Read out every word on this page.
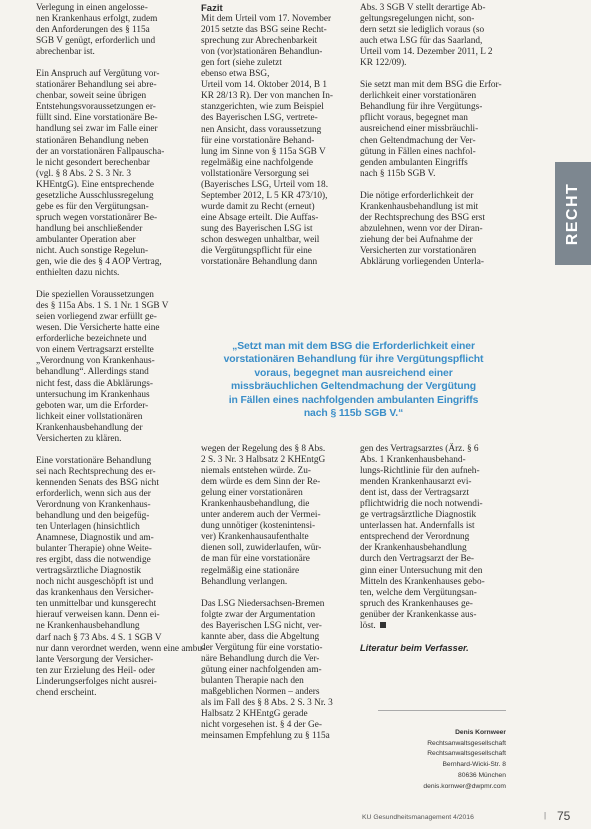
RECHT

Verlegung in einen angelosse-
nen Krankenhaus erfolgt, zudem
den Anforderungen des § 115a
SGB V genügt, erforderlich und
abrechenbar ist.

Ein Anspruch auf Vergütung vor-
stationärer Behandlung sei abre-
chenbar, soweit seine übrigen
Entstehungsvoraussetzungen er-
füllt sind. Eine vorstationäre Be-
handlung sei zwar im Falle einer
stationären Behandlung neben
der an vorstationären Fallpauscha-
le nicht gesondert berechenbar
(vgl. § 8 Abs. 2 S. 3 Nr. 3
KHEntgG). Eine entsprechende
gesetzliche Ausschlussregelung
gebe es für den Vergütungsan-
spruch wegen vorstationärer Be-
handlung bei anschließender
ambulanter Operation aber
nicht. Auch sonstige Regelun-
gen, wie die des § 4 AOP Vertrag,
enthielten dazu nichts.

Die speziellen Voraussetzungen
des § 115a Abs. 1 S. 1 Nr. 1 SGB V
seien vorliegend zwar erfüllt ge-
wesen. Die Versicherte hatte eine
erforderliche bezeichnete und
von einem Vertragsarzt erstellte
„Verordnung von Krankenhaus-
behandlung“. Allerdings stand
nicht fest, dass die Abklärungs-
untersuchung im Krankenhaus
geboten war, um die Erforder-
lichkeit einer vollstationären
Krankenhausbehandlung der
Versicherten zu klären.

Eine vorstationäre Behandlung
sei nach Rechtsprechung des er-
kennenden Senats des BSG nicht
erforderlich, wenn sich aus der
Verordnung von Krankenhaus-
behandlung und den beigefüg-
ten Unterlagen (hinsichtlich
Anamnese, Diagnostik und am-
bulanter Therapie) ohne Weite-
res ergibt, dass die notwendige
vertragsärztliche Diagnostik
noch nicht ausgeschöpft ist und
das krankenhaus den Versicher-
ten unmittelbar und kunsgerecht
hierauf verweisen kann. Denn ei-
ne Krankenhausbehandlung
darf nach § 73 Abs. 4 S. 1 SGB V
nur dann verordnet werden, wenn eine ambu-
lante Versorgung der Versicher-
ten zur Erzielung des Heil- oder
Linderungserfolges nicht ausrei-
chend erscheint.

Fazit

Mit dem Urteil vom 17. November
2015 setzte das BSG seine Recht-
sprechung zur Abrechenbarkeit
von (vor)stationären Behandlun-
gen fort (siehe zuletzt
ebenso etwa BSG,
Urteil vom 14. Oktober 2014, B 1
KR 28/13 R). Der von manchen In-
stanzgerichten, wie zum Beispiel
des Bayerischen LSG, vertrete-
nen Ansicht, dass voraussetzung
für eine vorstationäre Behand-
lung im Sinne von § 115a SGB V
regelmäßig eine nachfolgende
vollstationäre Versorgung sei
(Bayerisches LSG, Urteil vom 18.
September 2012, L 5 KR 473/10),
wurde damit zu Recht (erneut)
eine Absage erteilt. Die Auffas-
sung des Bayerischen LSG ist
schon deswegen unhaltbar, weil
die Vergütungspflicht für eine
vorstationäre Behandlung dann

Abs. 3 SGB V stellt derartige Ab-
geltungsregelungen nicht, son-
dern setzt sie lediglich voraus (so
auch etwa LSG für das Saarland,
Urteil vom 14. Dezember 2011, L 2
KR 122/09).

Sie setzt man mit dem BSG die Erfor-
derlichkeit einer vorstationären
Behandlung für ihre Vergütungs-
pflicht voraus, begegnet man
ausreichend einer missbräuchli-
chen Geltendmachung der Ver-
gütung in Fällen eines nachfol-
genden ambulanten Eingriffs
nach § 115b SGB V.

Die nötige erforderlichkeit der
Krankenhausbehandlung ist mit
der Rechtsprechung des BSG erst
abzulehnen, wenn vor der Diran-
ziehung der bei Aufnahme der
Versicherten zur vorstationären
Abklärung vorliegenden Unterla-

„Setzt man mit dem BSG die Erforderlichkeit einer
vorstationären Behandlung für ihre Vergütungspflicht
voraus, begegnet man ausreichend einer
missbräuchlichen Geltendmachung der Vergütung
in Fällen eines nachfolgenden ambulanten Eingriffs
nach § 115b SGB V.“

wegen der Regelung des § 8 Abs.
2 S. 3 Nr. 3 Halbsatz 2 KHEntgG
niemals entstehen würde. Zu-
dem würde es dem Sinn der Re-
gelung einer vorstationären
Krankenhausbehandlung, die
unter anderem auch der Vermei-
dung unnötiger (kostenintensi-
ver) Krankenhausaufenthalte
dienen soll, zuwiderlaufen, wür-
de man für eine vorstationäre
regelmäßig eine stationäre
Behandlung verlangen.

Das LSG Niedersachsen-Bremen
folgte zwar der Argumentation
des Bayerischen LSG nicht, ver-
kannte aber, dass die Abgeltung
der Vergütung für eine vorstatio-
näre Behandlung durch die Ver-
gütung einer nachfolgenden am-
bulanten Therapie nach den
maßgeblichen Normen – anders
als im Fall des § 8 Abs. 2 S. 3 Nr. 3
Halbsatz 2 KHEntgG gerade
nicht vorgesehen ist. § 4 der Ge-
meinsamen Empfehlung zu § 115a

gen des Vertragsarztes (Ärz. § 6
Abs. 1 Krankenhausbehand-
lungs-Richtlinie für den aufneh-
menden Krankenhausarzt evi-
dent ist, dass der Vertragsarzt
pflichtwidrig die noch notwendi-
ge vertragsärztliche Diagnostik
unterlassen hat. Andernfalls ist
entsprechend der Verordnung
der Krankenhausbehandlung
durch den Vertragsarzt der Be-
ginn einer Untersuchung mit den
Mitteln des Krankenhauses gebo-
ten, welche dem Vergütungsan-
spruch des Krankenhauses ge-
genüber der Krankenkasse aus-
löst.

Literatur beim Verfasser.

Denis Kornweer
Rechtsanwaltsgesellschaft
Rechtsanwaltsgesellschaft
Bernhard-Wicki-Str. 8
80636 München
denis.kornwer@dwpmr.com
KU Gesundheitsmanagement 4/2016	| 75
